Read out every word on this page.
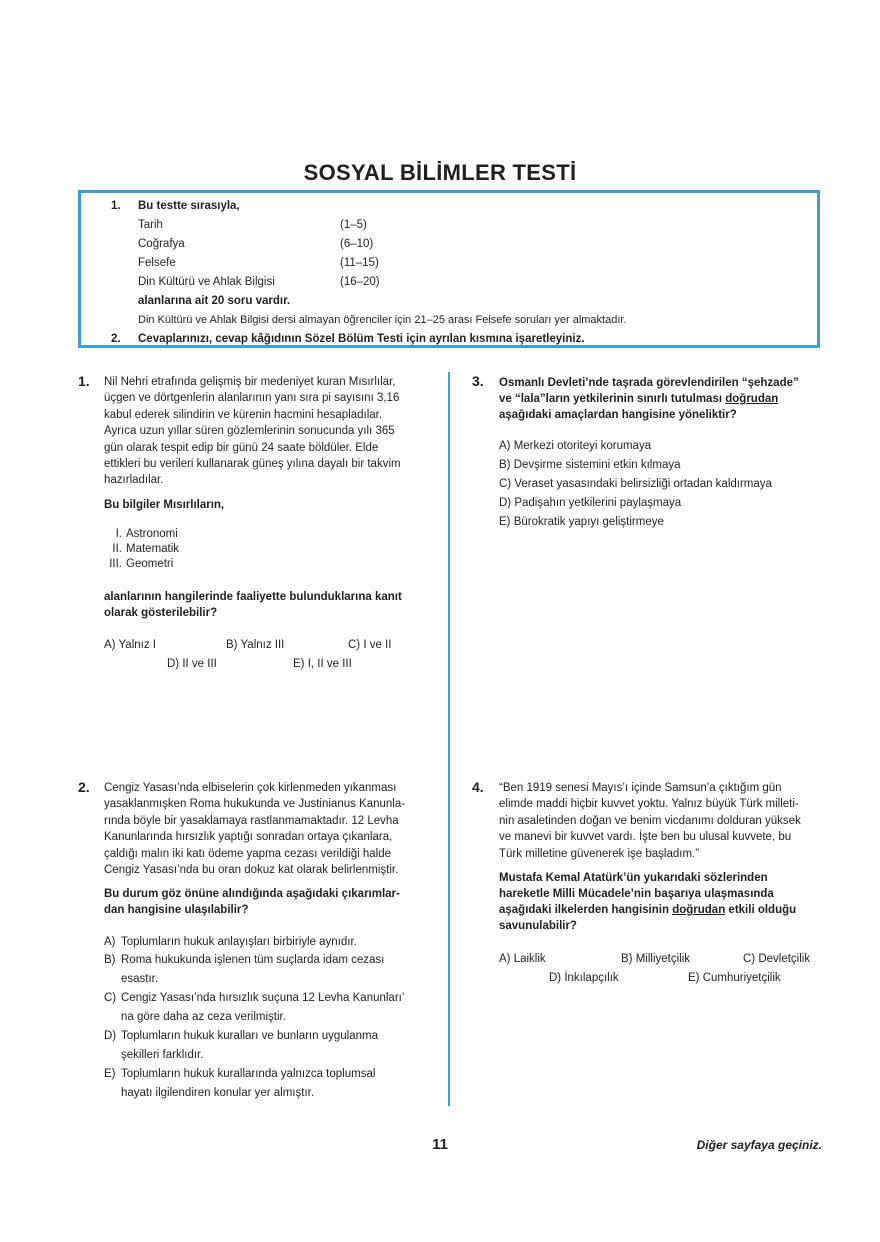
SOSYAL BİLİMLER TESTİ
1. Bu testte sırasıyla,
Tarih	(1–5)
Coğrafya	(6–10)
Felsefe	(11–15)
Din Kültürü ve Ahlak Bilgisi	(16–20)
alanlarına ait 20 soru vardır.
Din Kültürü ve Ahlak Bilgisi dersi almayan öğrenciler için 21–25 arası Felsefe soruları yer almaktadır.
2. Cevaplarınızı, cevap kâğıdının Sözel Bölüm Testi için ayrılan kısmına işaretleyiniz.
1. Nil Nehri etrafında gelişmiş bir medeniyet kuran Mısırlılar,
üçgen ve dörtgenlerin alanlarının yanı sıra pi sayısını 3,16
kabul ederek silindirin ve kürenin hacmini hesapladılar.
Ayrıca uzun yıllar süren gözlemlerinin sonucunda yılı 365
gün olarak tespit edip bir günü 24 saate böldüler. Elde
ettikleri bu verileri kullanarak güneş yılına dayalı bir takvim
hazırladılar.
Bu bilgiler Mısırlıların,
I. Astronomi
II. Matematik
III. Geometri
alanlarının hangilerinde faaliyette bulunduklarına kanıt
olarak gösterilebilir?
A) Yalnız I	B) Yalnız III	C) I ve II
D) II ve III	E) I, II ve III
2. Cengiz Yasası’nda elbiselerin çok kirlenmeden yıkanması
yasaklanmışken Roma hukukunda ve Justinianus Kanunla-
rında böyle bir yasaklamaya rastlanmamaktadır. 12 Levha
Kanunlarında hırsızlık yaptığı sonradan ortaya çıkanlara,
çaldığı malın iki katı ödeme yapma cezası verildiği halde
Cengiz Yasası’nda bu oran dokuz kat olarak belirlenmiştir.
Bu durum göz önüne alındığında aşağıdaki çıkarımlar-
dan hangisine ulaşılabilir?
A) Toplumların hukuk anlayışları birbiriyle aynıdır.
B) Roma hukukunda işlenen tüm suçlarda idam cezası
esastır.
C) Cengiz Yasası’nda hırsızlık suçuna 12 Levha Kanunları’
na göre daha az ceza verilmiştir.
D) Toplumların hukuk kuralları ve bunların uygulanma
şekilleri farklıdır.
E) Toplumların hukuk kurallarında yalnızca toplumsal
hayatı ilgilendiren konular yer almıştır.
3. Osmanlı Devleti’nde taşrada görevlendirilen “şehzade”
ve “lala”ların yetkilerinin sınırlı tutulması doğrudan
aşağıdaki amaçlardan hangisine yöneliktir?
A) Merkezi otoriteyi korumaya
B) Devşirme sistemini etkin kılmaya
C) Veraset yasasındaki belirsizliği ortadan kaldırmaya
D) Padişahın yetkilerini paylaşmaya
E) Bürokratik yapıyı geliştirmeye
4. “Ben 1919 senesi Mayıs’ı içinde Samsun’a çıktığım gün
elimde maddi hiçbir kuvvet yoktu. Yalnız büyük Türk milleti-
nin asaletinden doğan ve benim vicdanımı dolduran yüksek
ve manevi bir kuvvet vardı. İşte ben bu ulusal kuvvete, bu
Türk milletine güvenerek işe başladım.”
Mustafa Kemal Atatürk’ün yukarıdaki sözlerinden
hareketle Milli Mücadele’nin başarıya ulaşmasında
aşağıdaki ilkelerden hangisinin doğrudan etkili olduğu
savunulabilir?
A) Laiklik	B) Milliyetçilik	C) Devletçilik
D) İnkılapçılık	E) Cumhuriyetçilik
11	Diğer sayfaya geçiniz.
